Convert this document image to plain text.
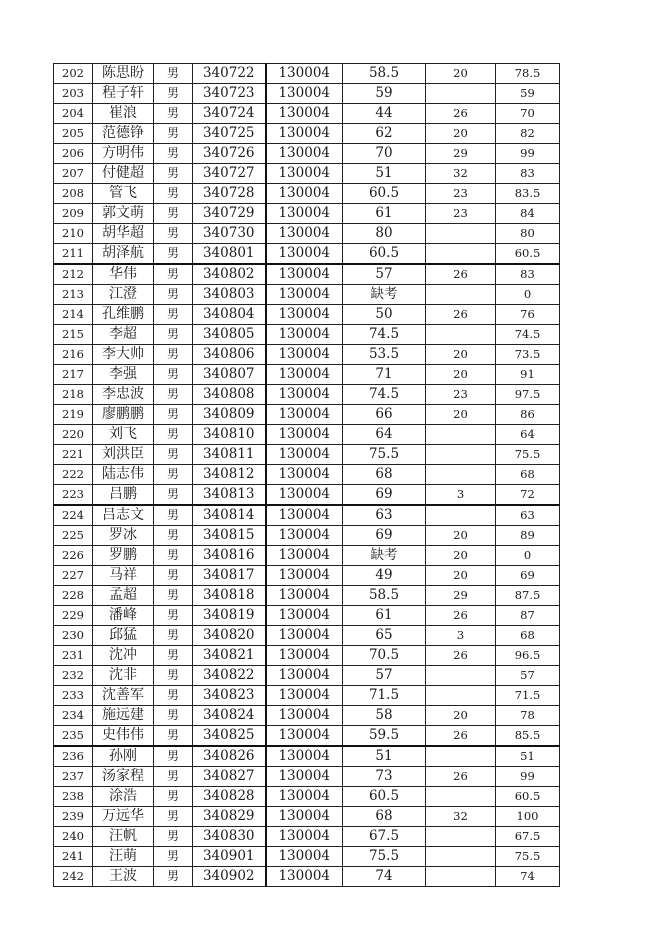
202	陈思盼	男	340722	130004	58.5	20	78.5
203	程子轩	男	340723	130004	59		59
204	崔浪	男	340724	130004	44	26	70
205	范德铮	男	340725	130004	62	20	82
206	方明伟	男	340726	130004	70	29	99
207	付健超	男	340727	130004	51	32	83
208	管飞	男	340728	130004	60.5	23	83.5
209	郭文萌	男	340729	130004	61	23	84
210	胡华超	男	340730	130004	80		80
211	胡泽航	男	340801	130004	60.5		60.5
212	华伟	男	340802	130004	57	26	83
213	江澄	男	340803	130004	缺考		0
214	孔维鹏	男	340804	130004	50	26	76
215	李超	男	340805	130004	74.5		74.5
216	李大帅	男	340806	130004	53.5	20	73.5
217	李强	男	340807	130004	71	20	91
218	李忠波	男	340808	130004	74.5	23	97.5
219	廖鹏鹏	男	340809	130004	66	20	86
220	刘飞	男	340810	130004	64		64
221	刘洪臣	男	340811	130004	75.5		75.5
222	陆志伟	男	340812	130004	68		68
223	吕鹏	男	340813	130004	69	3	72
224	吕志文	男	340814	130004	63		63
225	罗冰	男	340815	130004	69	20	89
226	罗鹏	男	340816	130004	缺考	20	0
227	马祥	男	340817	130004	49	20	69
228	孟超	男	340818	130004	58.5	29	87.5
229	潘峰	男	340819	130004	61	26	87
230	邱猛	男	340820	130004	65	3	68
231	沈冲	男	340821	130004	70.5	26	96.5
232	沈非	男	340822	130004	57		57
233	沈善军	男	340823	130004	71.5		71.5
234	施远建	男	340824	130004	58	20	78
235	史伟伟	男	340825	130004	59.5	26	85.5
236	孙刚	男	340826	130004	51		51
237	汤家程	男	340827	130004	73	26	99
238	涂浩	男	340828	130004	60.5		60.5
239	万远华	男	340829	130004	68	32	100
240	汪帆	男	340830	130004	67.5		67.5
241	汪萌	男	340901	130004	75.5		75.5
242	王波	男	340902	130004	74		74
